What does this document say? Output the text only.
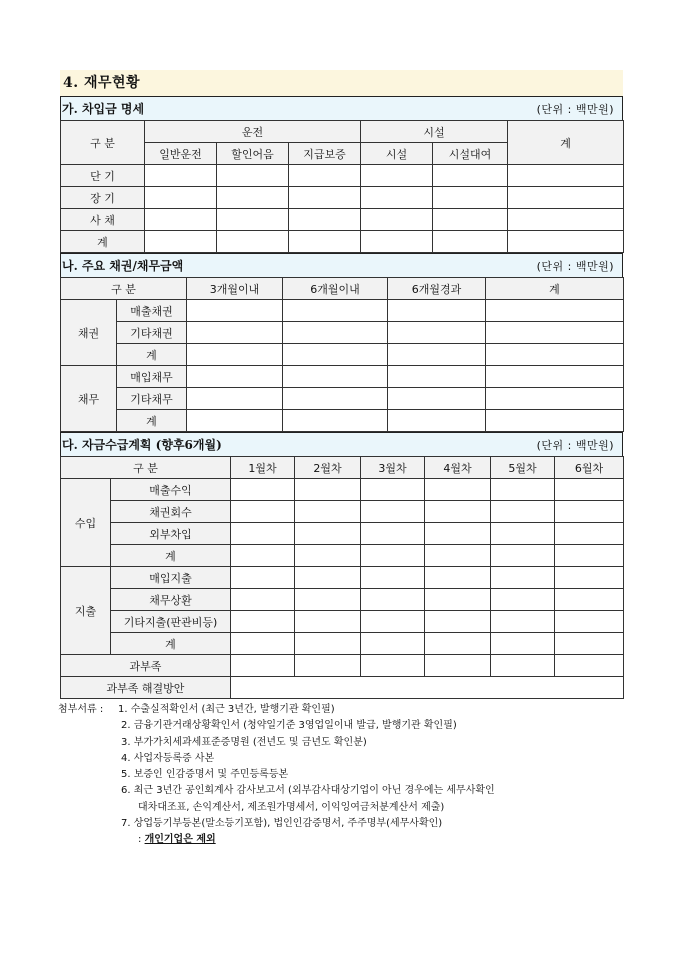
4. 재무현황
가. 차입금 명세	(단위 : 백만원)
구 분	운전			시설		계
	일반운전	할인어음	지급보증	시설	시설대여	
단 기						
장 기						
사 채						
계						
나. 주요 채권/채무금액	(단위 : 백만원)
구 분		3개월이내	6개월이내	6개월경과	계
채권	매출채권				
	기타채권				
	계				
채무	매입채무				
	기타채무				
	계				
다. 자금수급계획 (향후6개월)	(단위 : 백만원)
구 분		1월차	2월차	3월차	4월차	5월차	6월차
수입	매출수익						
	채권회수						
	외부차입						
	계						
지출	매입지출						
	채무상환						
	기타지출(판관비등)						
	계						
과부족							
과부족 해결방안							
첨부서류 :	1. 수출실적확인서 (최근 3년간, 발행기관 확인필)
2. 금융기관거래상황확인서 (청약일기준 3영업일이내 발급, 발행기관 확인필)
3. 부가가치세과세표준증명원 (전년도 및 금년도 확인분)
4. 사업자등록증 사본
5. 보증인 인감증명서 및 주민등록등본
6. 최근 3년간 공인회계사 감사보고서 (외부감사대상기업이 아닌 경우에는 세무사확인
대차대조표, 손익계산서, 제조원가명세서, 이익잉여금처분계산서 제출)
7. 상업등기부등본(말소등기포함), 법인인감증명서, 주주명부(세무사확인)
: 개인기업은 제외
